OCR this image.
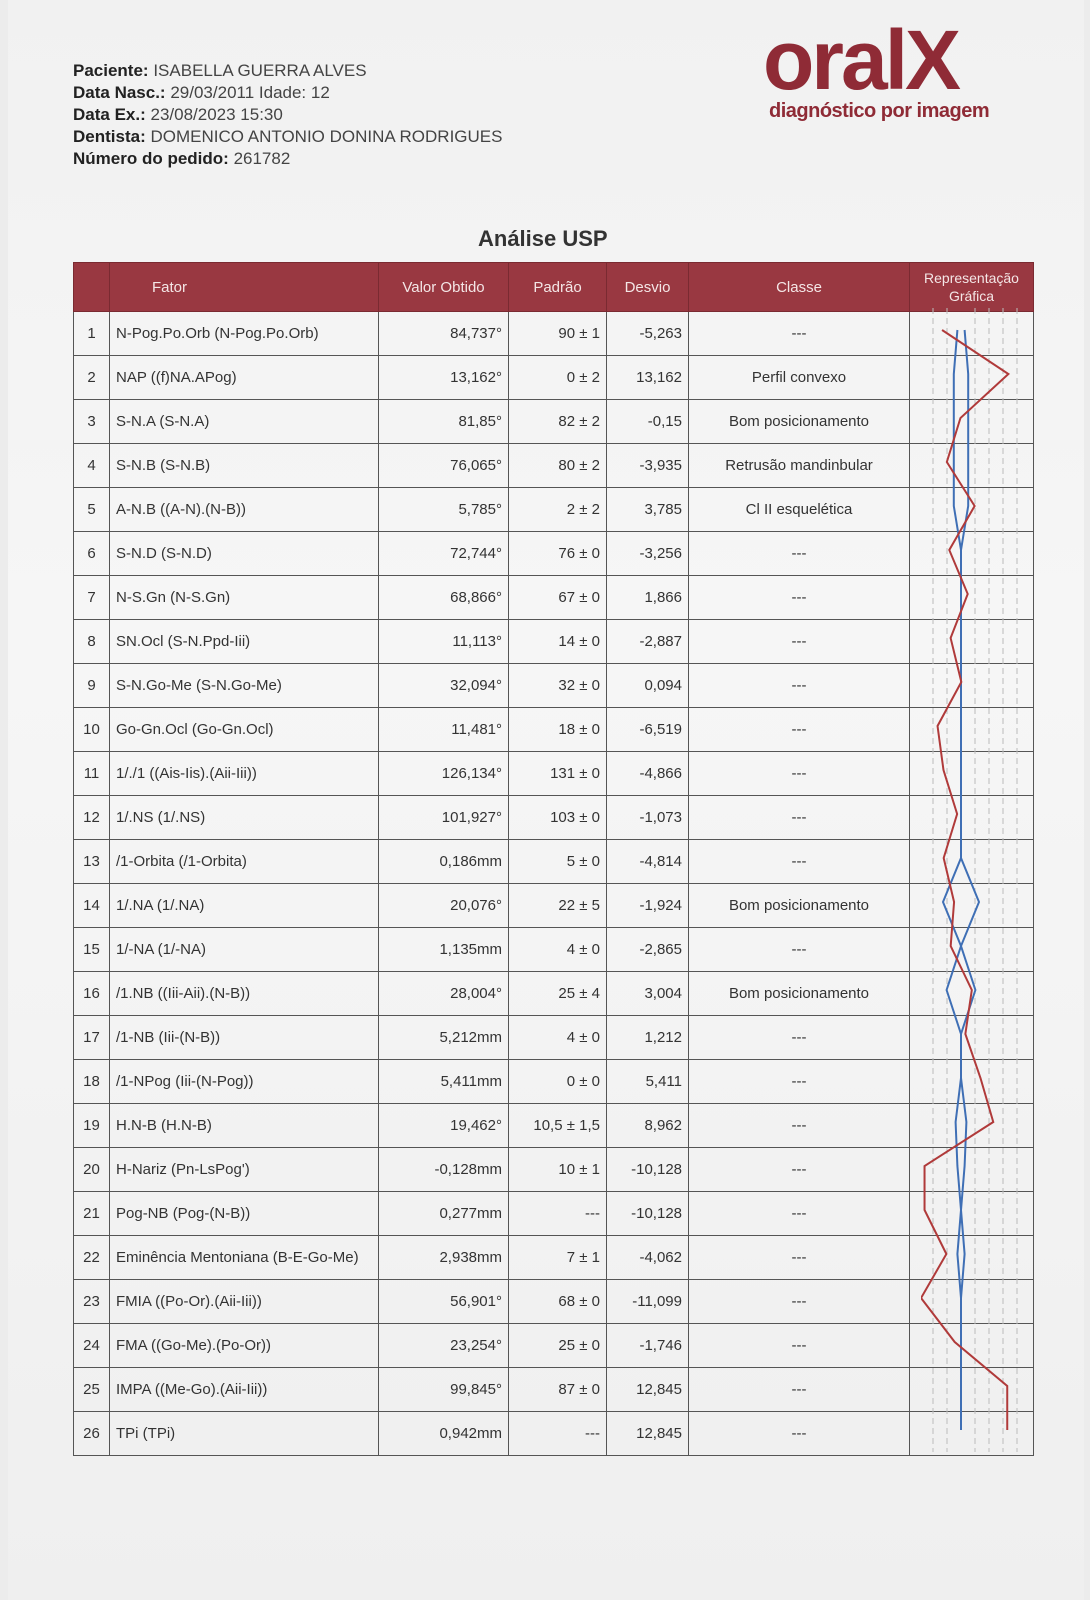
Paciente: ISABELLA GUERRA ALVES
Data Nasc.: 29/03/2011 Idade: 12
Data Ex.: 23/08/2023 15:30
Dentista: DOMENICO ANTONIO DONINA RODRIGUES
Número do pedido: 261782
oralX
diagnóstico por imagem
Análise USP
	Fator	Valor Obtido	Padrão	Desvio	Classe	Representação Gráfica
1	N-Pog.Po.Orb (N-Pog.Po.Orb)	84,737°	90 ± 1	-5,263	---	
2	NAP ((f)NA.APog)	13,162°	0 ± 2	13,162	Perfil convexo	
3	S-N.A (S-N.A)	81,85°	82 ± 2	-0,15	Bom posicionamento	
4	S-N.B (S-N.B)	76,065°	80 ± 2	-3,935	Retrusão mandinbular	
5	A-N.B ((A-N).(N-B))	5,785°	2 ± 2	3,785	Cl II esquelética	
6	S-N.D (S-N.D)	72,744°	76 ± 0	-3,256	---	
7	N-S.Gn (N-S.Gn)	68,866°	67 ± 0	1,866	---	
8	SN.Ocl (S-N.Ppd-Iii)	11,113°	14 ± 0	-2,887	---	
9	S-N.Go-Me (S-N.Go-Me)	32,094°	32 ± 0	0,094	---	
10	Go-Gn.Ocl (Go-Gn.Ocl)	11,481°	18 ± 0	-6,519	---	
11	1/./1 ((Ais-Iis).(Aii-Iii))	126,134°	131 ± 0	-4,866	---	
12	1/.NS (1/.NS)	101,927°	103 ± 0	-1,073	---	
13	/1-Orbita (/1-Orbita)	0,186mm	5 ± 0	-4,814	---	
14	1/.NA (1/.NA)	20,076°	22 ± 5	-1,924	Bom posicionamento	
15	1/-NA (1/-NA)	1,135mm	4 ± 0	-2,865	---	
16	/1.NB ((Iii-Aii).(N-B))	28,004°	25 ± 4	3,004	Bom posicionamento	
17	/1-NB (Iii-(N-B))	5,212mm	4 ± 0	1,212	---	
18	/1-NPog (Iii-(N-Pog))	5,411mm	0 ± 0	5,411	---	
19	H.N-B (H.N-B)	19,462°	10,5 ± 1,5	8,962	---	
20	H-Nariz (Pn-LsPog')	-0,128mm	10 ± 1	-10,128	---	
21	Pog-NB (Pog-(N-B))	0,277mm	---	-10,128	---	
22	Eminência Mentoniana (B-E-Go-Me)	2,938mm	7 ± 1	-4,062	---	
23	FMIA ((Po-Or).(Aii-Iii))	56,901°	68 ± 0	-11,099	---	
24	FMA ((Go-Me).(Po-Or))	23,254°	25 ± 0	-1,746	---	
25	IMPA ((Me-Go).(Aii-Iii))	99,845°	87 ± 0	12,845	---	
26	TPi (TPi)	0,942mm	---	12,845	---	
